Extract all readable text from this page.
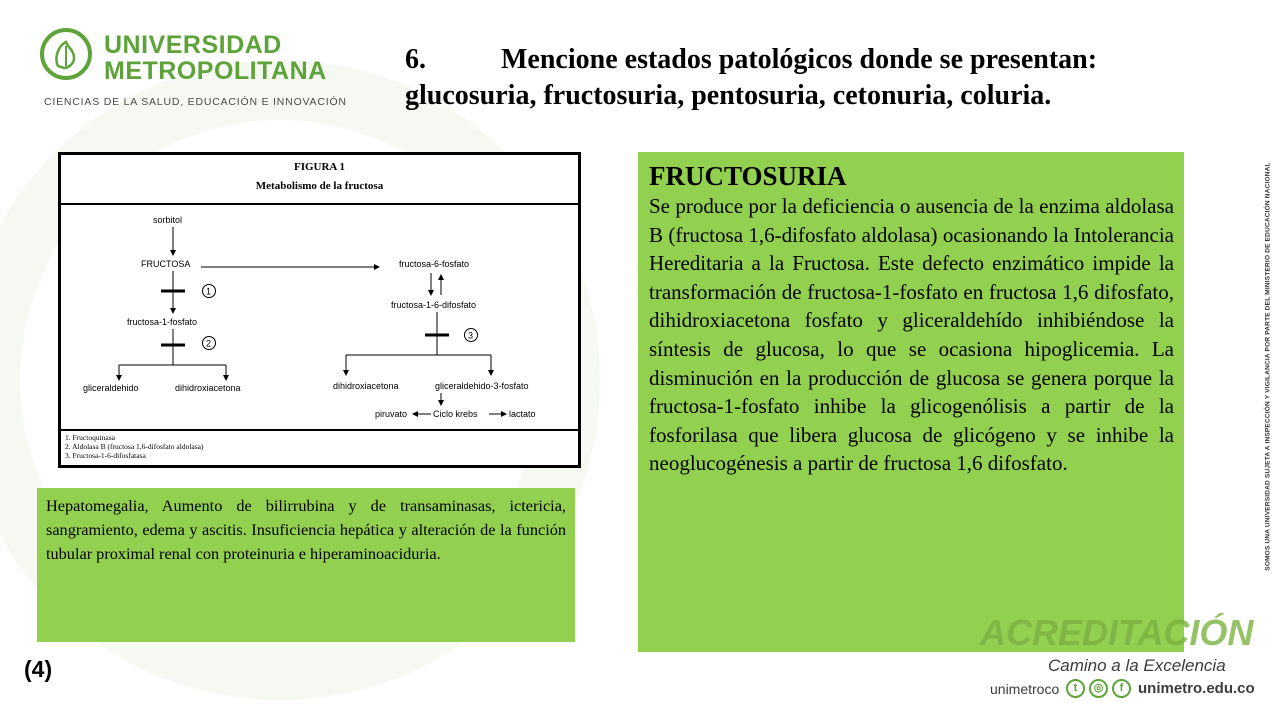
UNIVERSIDAD
METROPOLITANA
CIENCIAS DE LA SALUD, EDUCACIÓN E INNOVACIÓN
6.	Mencione estados patológicos donde se presentan:
glucosuria, fructosuria, pentosuria, cetonuria, coluria.
FIGURA 1
Metabolismo de la fructosa
sorbitol
FRUCTOSA
1
fructosa-1-fosfato
2
gliceraldehido	dihidroxiacetona
fructosa-6-fosfato
fructosa-1-6-difosfato
3
dihidroxiacetona	gliceraldehido-3-fosfato
piruvato	Ciclo krebs	lactato
1. Fructoquinasa
2. Aldolasa B (fructosa 1,6-difosfato aldolasa)
3. Fructosa-1-6-difosfatasa
Hepatomegalia, Aumento de bilirrubina y de transaminasas, ictericia, sangramiento, edema y ascitis. Insuficiencia hepática y alteración de la función tubular proximal renal con proteinuria e hiperaminoaciduria.
FRUCTOSURIA
Se produce por la deficiencia o ausencia de la enzima aldolasa B (fructosa 1,6-difosfato aldolasa) ocasionando la Intolerancia Hereditaria a la Fructosa. Este defecto enzimático impide la transformación de fructosa-1-fosfato en fructosa 1,6 difosfato, dihidroxiacetona fosfato y gliceraldehído inhibiéndose la síntesis de glucosa, lo que se ocasiona hipoglicemia. La disminución en la producción de glucosa se genera porque la fructosa-1-fosfato inhibe la glicogenólisis a partir de la fosforilasa que libera glucosa de glicógeno y se inhibe la neoglucogénesis a partir de fructosa 1,6 difosfato.
(4)
ACREDITACIÓN
Camino a la Excelencia
unimetroco	t	◎	f unimetro.edu.co
SOMOS UNA UNIVERSIDAD SUJETA A INSPECCIÓN Y VIGILANCIA POR PARTE DEL MINISTERIO DE EDUCACIÓN NACIONAL
